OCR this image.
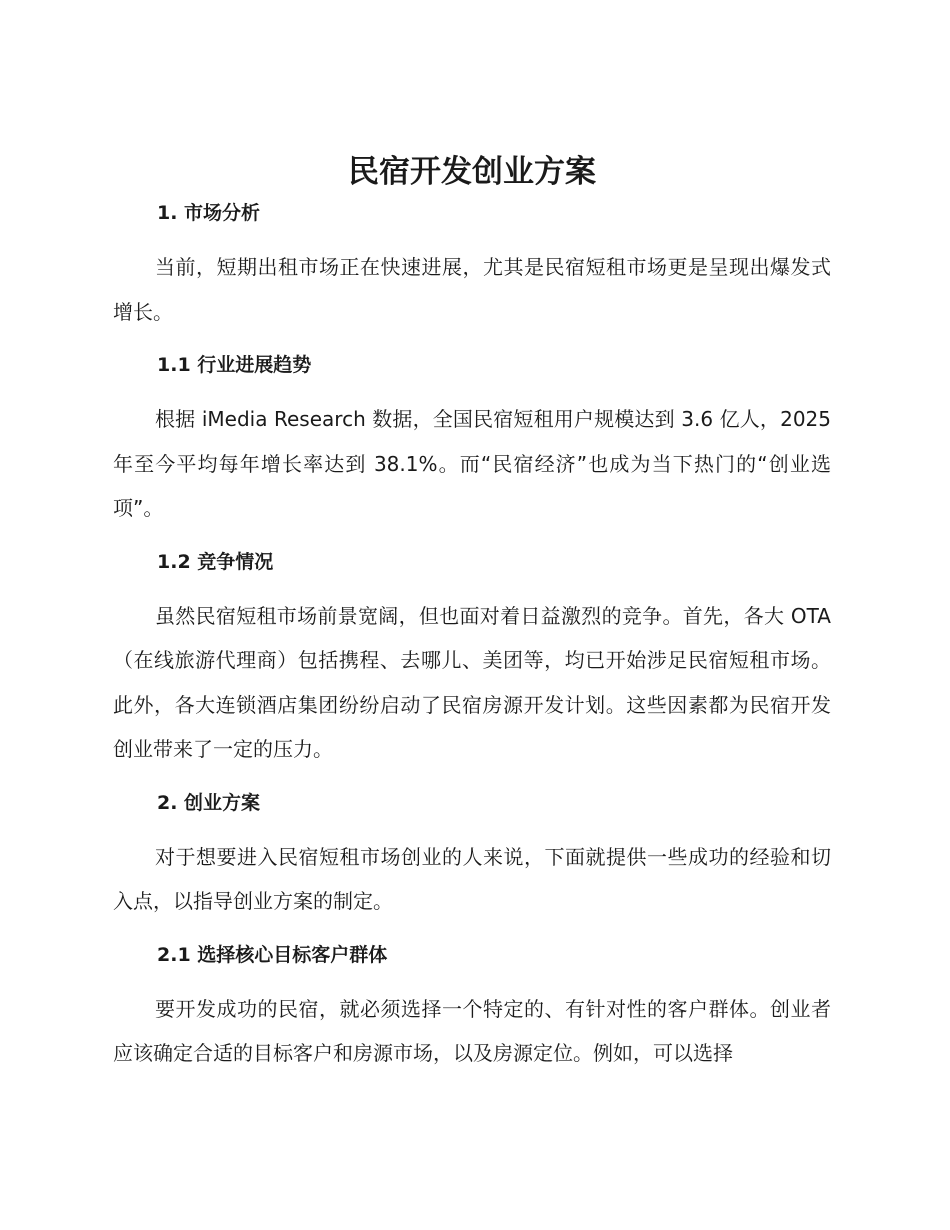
民宿开发创业方案

1. 市场分析

当前，短期出租市场正在快速进展，尤其是民宿短租市场更是呈现出爆发式增长。

1.1 行业进展趋势

根据 iMedia Research 数据，全国民宿短租用户规模达到 3.6 亿人，2025 年至今平均每年增长率达到 38.1%。而“民宿经济”也成为当下热门的“创业选项”。

1.2 竞争情况

虽然民宿短租市场前景宽阔，但也面对着日益激烈的竞争。首先，各大 OTA（在线旅游代理商）包括携程、去哪儿、美团等，均已开始涉足民宿短租市场。此外，各大连锁酒店集团纷纷启动了民宿房源开发计划。这些因素都为民宿开发创业带来了一定的压力。

2. 创业方案

对于想要进入民宿短租市场创业的人来说，下面就提供一些成功的经验和切入点，以指导创业方案的制定。

2.1 选择核心目标客户群体

要开发成功的民宿，就必须选择一个特定的、有针对性的客户群体。创业者应该确定合适的目标客户和房源市场，以及房源定位。例如，可以选择
